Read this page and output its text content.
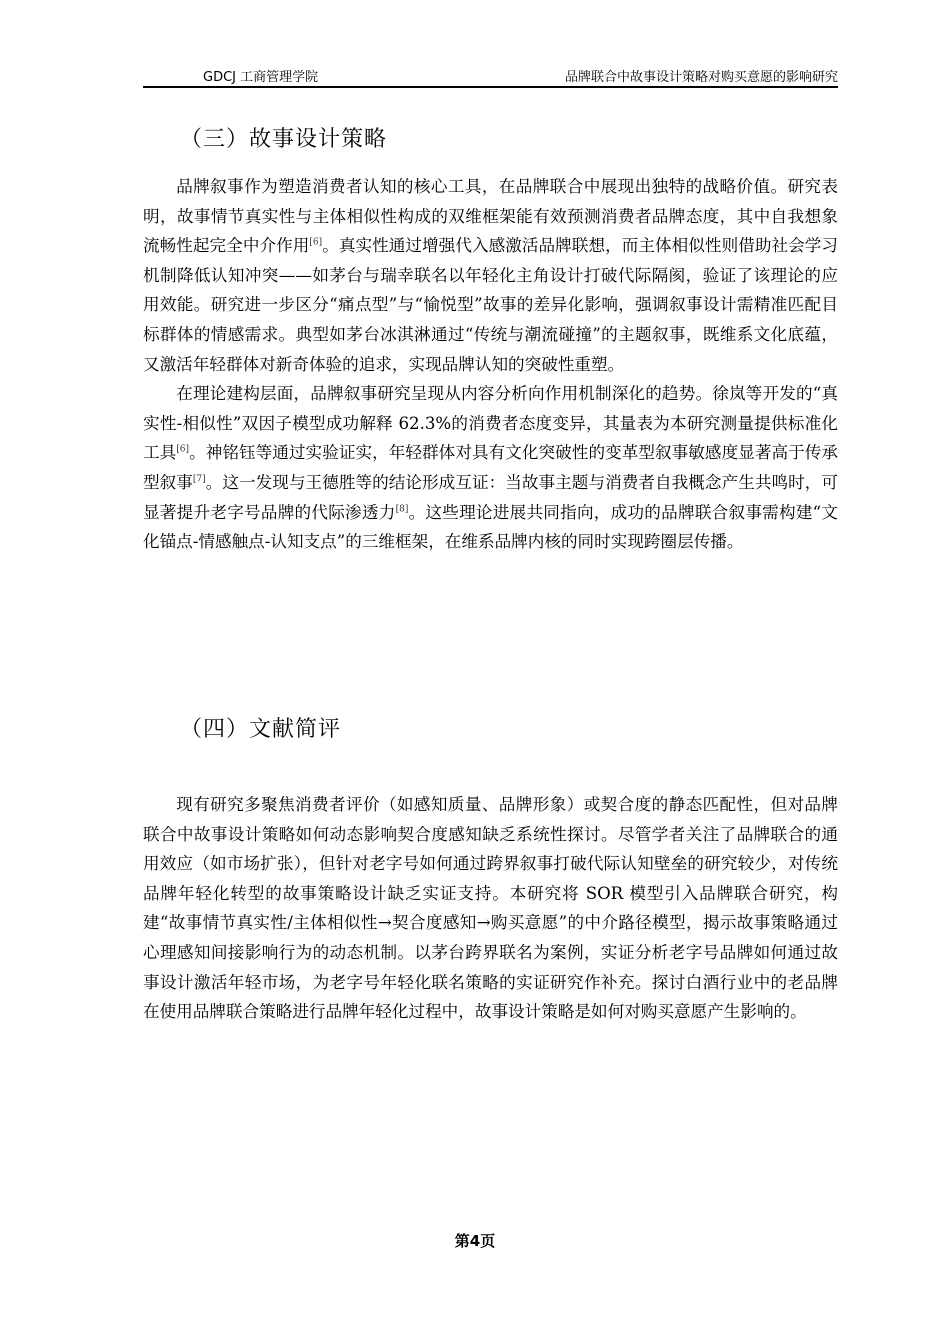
GDCJ 工商管理学院	品牌联合中故事设计策略对购买意愿的影响研究
（三）故事设计策略

品牌叙事作为塑造消费者认知的核心工具，在品牌联合中展现出独特的战略价值。研究表明，故事情节真实性与主体相似性构成的双维框架能有效预测消费者品牌态度，其中自我想象流畅性起完全中介作用[6]。真实性通过增强代入感激活品牌联想，而主体相似性则借助社会学习机制降低认知冲突——如茅台与瑞幸联名以年轻化主角设计打破代际隔阂，验证了该理论的应用效能。研究进一步区分“痛点型”与“愉悦型”故事的差异化影响，强调叙事设计需精准匹配目标群体的情感需求。典型如茅台冰淇淋通过“传统与潮流碰撞”的主题叙事，既维系文化底蕴，又激活年轻群体对新奇体验的追求，实现品牌认知的突破性重塑。

在理论建构层面，品牌叙事研究呈现从内容分析向作用机制深化的趋势。徐岚等开发的“真实性-相似性”双因子模型成功解释 62.3%的消费者态度变异，其量表为本研究测量提供标准化工具[6]。神铭钰等通过实验证实，年轻群体对具有文化突破性的变革型叙事敏感度显著高于传承型叙事[7]。这一发现与王德胜等的结论形成互证：当故事主题与消费者自我概念产生共鸣时，可显著提升老字号品牌的代际渗透力[8]。这些理论进展共同指向，成功的品牌联合叙事需构建“文化锚点-情感触点-认知支点”的三维框架，在维系品牌内核的同时实现跨圈层传播。

（四）文献简评

现有研究多聚焦消费者评价（如感知质量、品牌形象）或契合度的静态匹配性，但对品牌联合中故事设计策略如何动态影响契合度感知缺乏系统性探讨。尽管学者关注了品牌联合的通用效应（如市场扩张），但针对老字号如何通过跨界叙事打破代际认知壁垒的研究较少，对传统品牌年轻化转型的故事策略设计缺乏实证支持。本研究将 SOR 模型引入品牌联合研究，构建“故事情节真实性/主体相似性→契合度感知→购买意愿”的中介路径模型，揭示故事策略通过心理感知间接影响行为的动态机制。以茅台跨界联名为案例，实证分析老字号品牌如何通过故事设计激活年轻市场，为老字号年轻化联名策略的实证研究作补充。探讨白酒行业中的老品牌在使用品牌联合策略进行品牌年轻化过程中，故事设计策略是如何对购买意愿产生影响的。

第4页
